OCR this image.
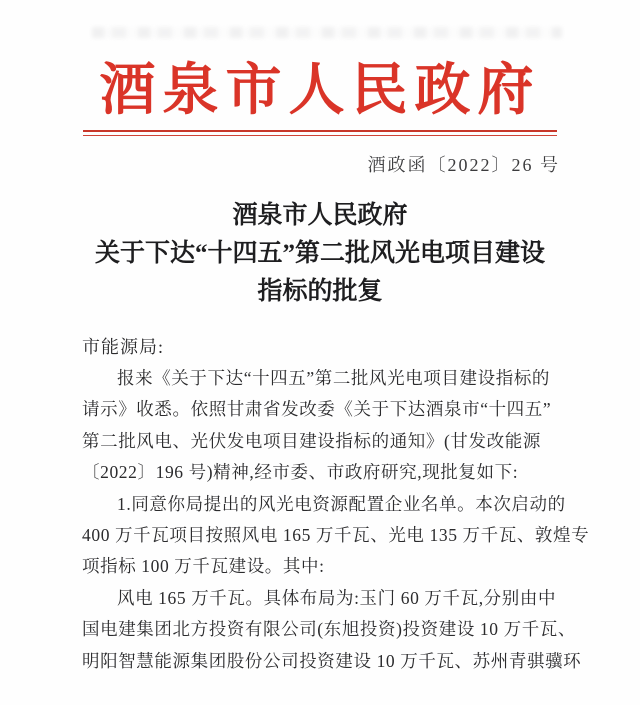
酒泉市人民政府
酒政函〔2022〕26 号
酒泉市人民政府
关于下达“十四五”第二批风光电项目建设
指标的批复
市能源局:
报来《关于下达“十四五”第二批风光电项目建设指标的
请示》收悉。依照甘肃省发改委《关于下达酒泉市“十四五”
第二批风电、光伏发电项目建设指标的通知》(甘发改能源
〔2022〕196 号)精神,经市委、市政府研究,现批复如下:
1.同意你局提出的风光电资源配置企业名单。本次启动的
400 万千瓦项目按照风电 165 万千瓦、光电 135 万千瓦、敦煌专
项指标 100 万千瓦建设。其中:
风电 165 万千瓦。具体布局为:玉门 60 万千瓦,分别由中
国电建集团北方投资有限公司(东旭投资)投资建设 10 万千瓦、
明阳智慧能源集团股份公司投资建设 10 万千瓦、苏州青骐骥环
